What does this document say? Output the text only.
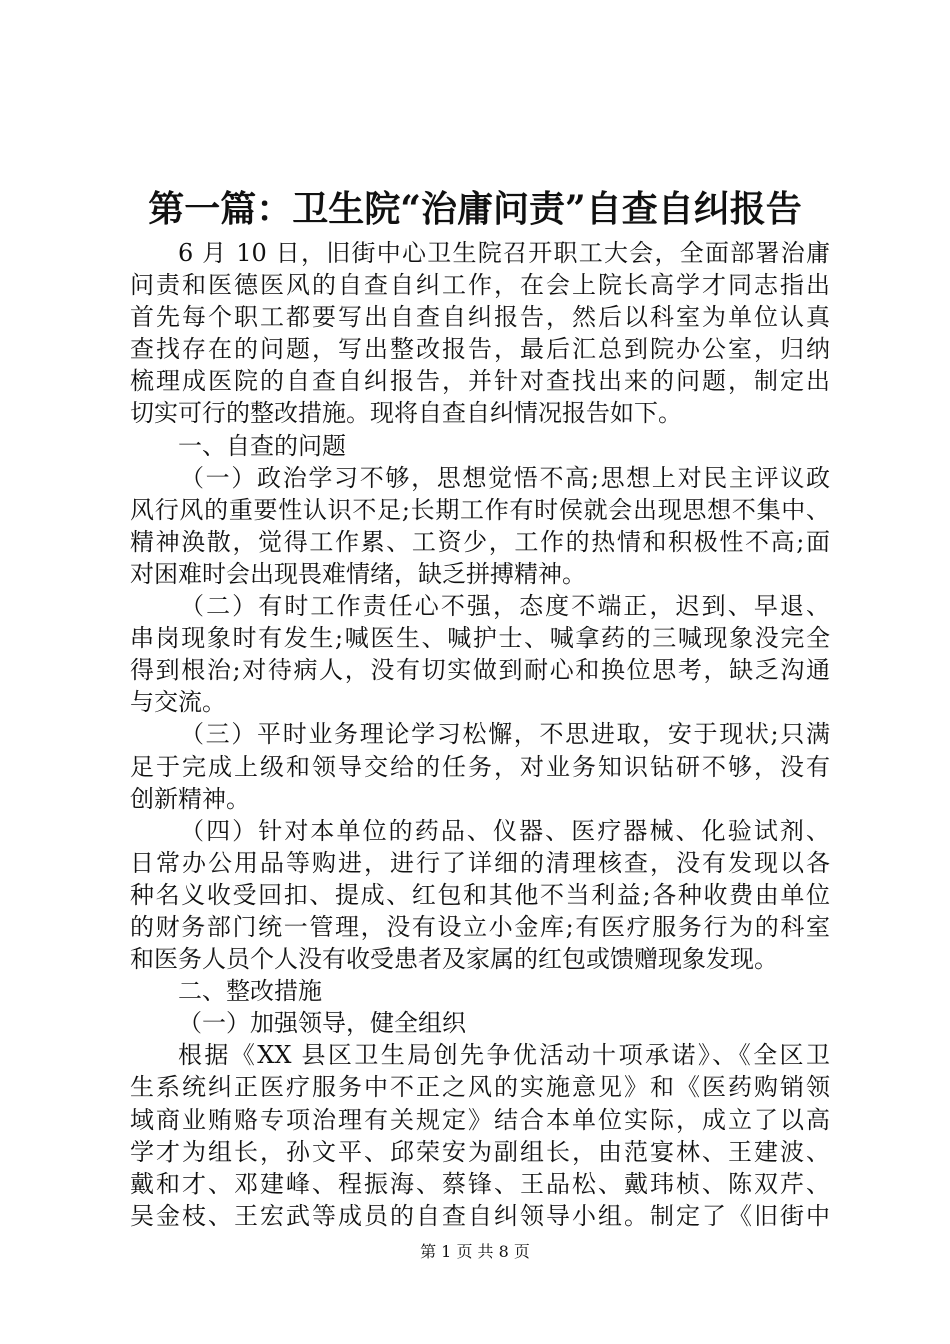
第一篇：卫生院“治庸问责”自查自纠报告
6 月 10 日，旧街中心卫生院召开职工大会，全面部署治庸
问责和医德医风的自查自纠工作，在会上院长高学才同志指出
首先每个职工都要写出自查自纠报告，然后以科室为单位认真
查找存在的问题，写出整改报告，最后汇总到院办公室，归纳
梳理成医院的自查自纠报告，并针对查找出来的问题，制定出
切实可行的整改措施。现将自查自纠情况报告如下。
一、自查的问题
（一）政治学习不够，思想觉悟不高;思想上对民主评议政
风行风的重要性认识不足;长期工作有时侯就会出现思想不集中、
精神涣散，觉得工作累、工资少，工作的热情和积极性不高;面
对困难时会出现畏难情绪，缺乏拼搏精神。
（二）有时工作责任心不强，态度不端正，迟到、早退、
串岗现象时有发生;喊医生、喊护士、喊拿药的三喊现象没完全
得到根治;对待病人，没有切实做到耐心和换位思考，缺乏沟通
与交流。
（三）平时业务理论学习松懈，不思进取，安于现状;只满
足于完成上级和领导交给的任务，对业务知识钻研不够，没有
创新精神。
（四）针对本单位的药品、仪器、医疗器械、化验试剂、
日常办公用品等购进，进行了详细的清理核查，没有发现以各
种名义收受回扣、提成、红包和其他不当利益;各种收费由单位
的财务部门统一管理，没有设立小金库;有医疗服务行为的科室
和医务人员个人没有收受患者及家属的红包或馈赠现象发现。
二、整改措施
（一）加强领导，健全组织
根据《XX 县区卫生局创先争优活动十项承诺》、《全区卫
生系统纠正医疗服务中不正之风的实施意见》和《医药购销领
域商业贿赂专项治理有关规定》结合本单位实际，成立了以高
学才为组长，孙文平、邱荣安为副组长，由范宴林、王建波、
戴和才、邓建峰、程振海、蔡锋、王品松、戴玮桢、陈双芹、
吴金枝、王宏武等成员的自查自纠领导小组。制定了《旧街中
第 1 页 共 8 页
